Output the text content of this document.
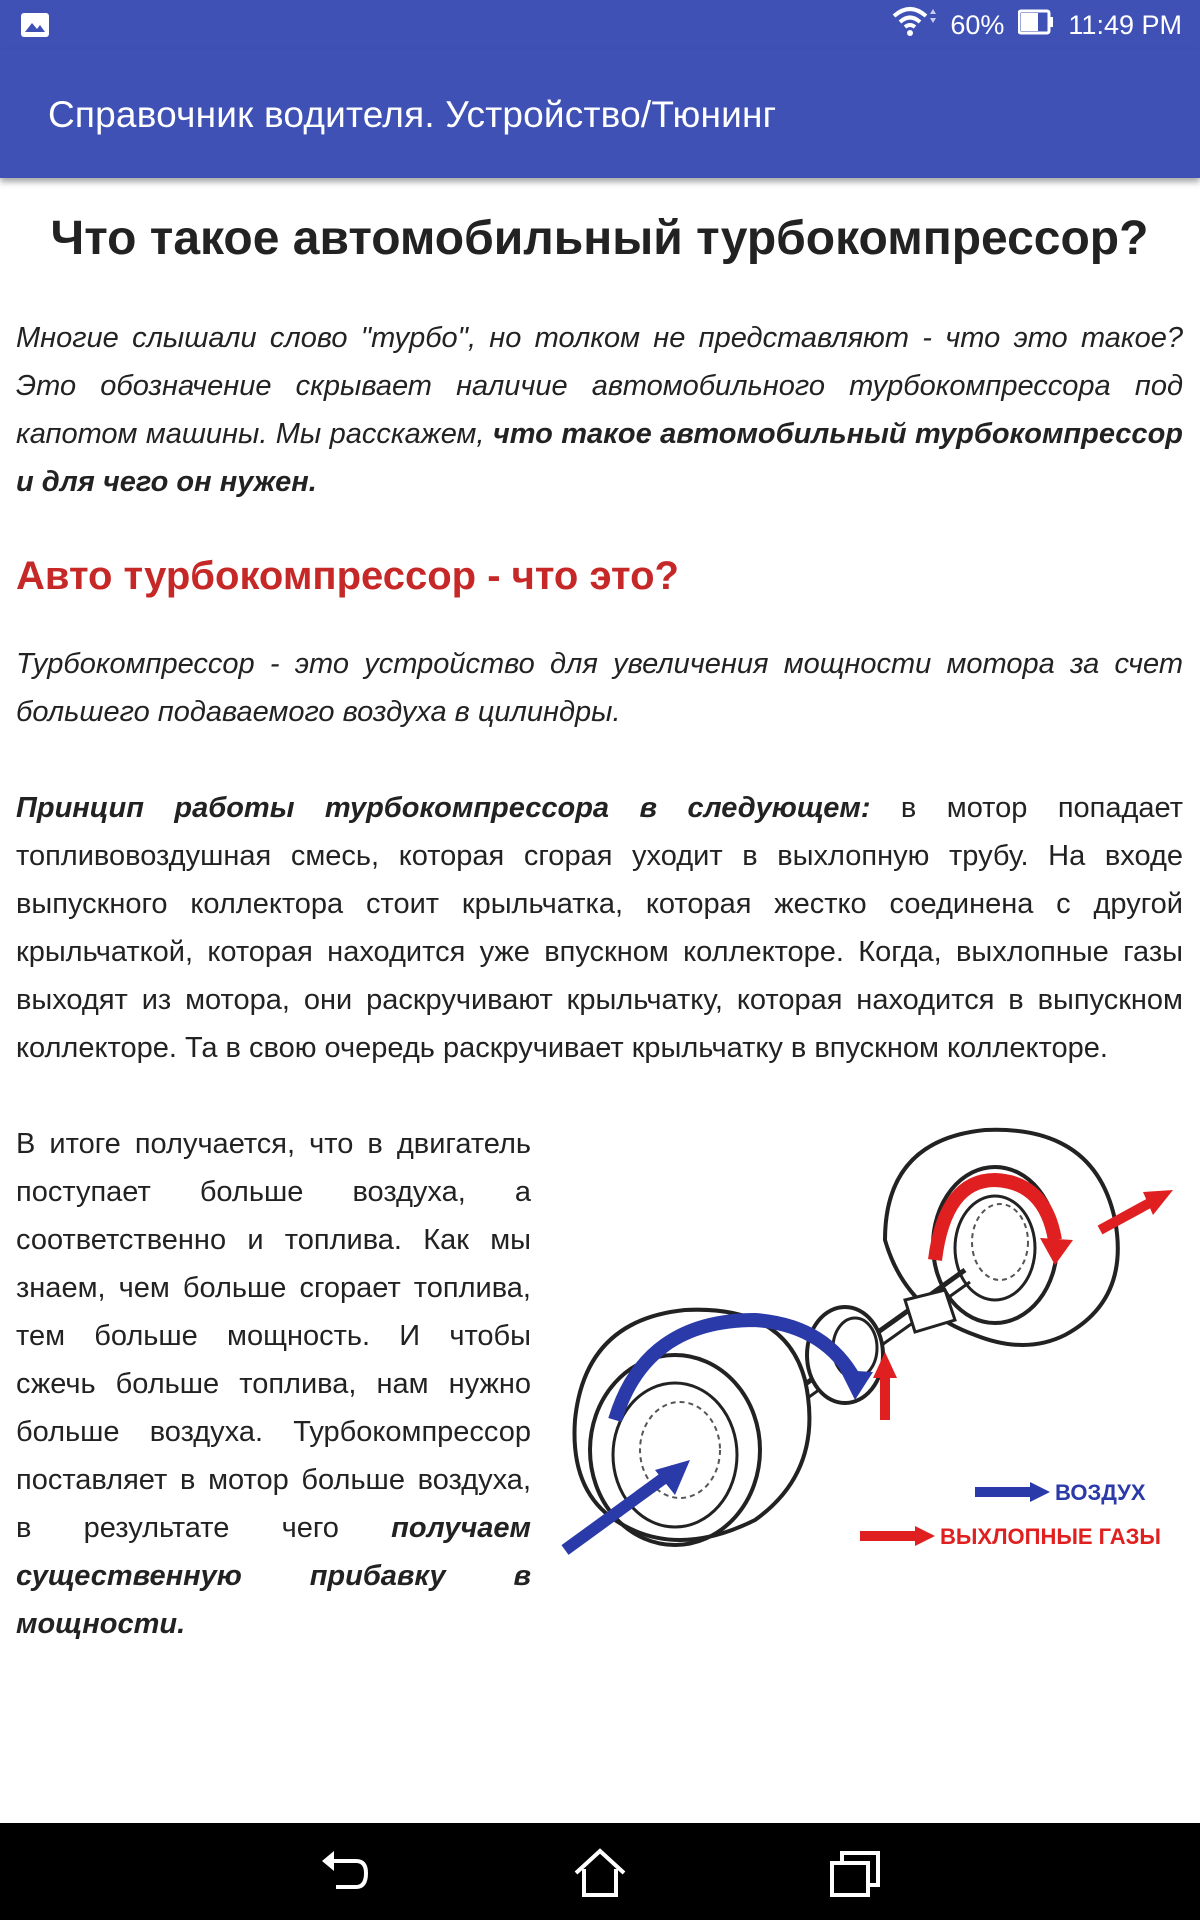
60% 11:49 PM
Справочник водителя. Устройство/Тюнинг
Что такое автомобильный турбокомпрессор?

Многие слышали слово "турбо", но толком не представляют - что это такое? Это обозначение скрывает наличие автомобильного турбокомпрессора под капотом машины. Мы расскажем, что такое автомобильный турбокомпрессор и для чего он нужен.

Авто турбокомпрессор - что это?

Турбокомпрессор - это устройство для увеличения мощности мотора за счет большего подаваемого воздуха в цилиндры.

Принцип работы турбокомпрессора в следующем: в мотор попадает топливовоздушная смесь, которая сгорая уходит в выхлопную трубу. На входе выпускного коллектора стоит крыльчатка, которая жестко соединена с другой крыльчаткой, которая находится уже впускном коллекторе. Когда, выхлопные газы выходят из мотора, они раскручивают крыльчатку, которая находится в выпускном коллекторе. Та в свою очередь раскручивает крыльчатку в впускном коллекторе.

ВОЗДУХ
ВЫХЛОПНЫЕ ГАЗЫ

В итоге получается, что в двигатель поступает больше воздуха, а соответственно и топлива. Как мы знаем, чем больше сгорает топлива, тем больше мощность. И чтобы сжечь больше топлива, нам нужно больше воздуха. Турбокомпрессор поставляет в мотор больше воздуха, в результате чего получаем существенную прибавку в мощности.
